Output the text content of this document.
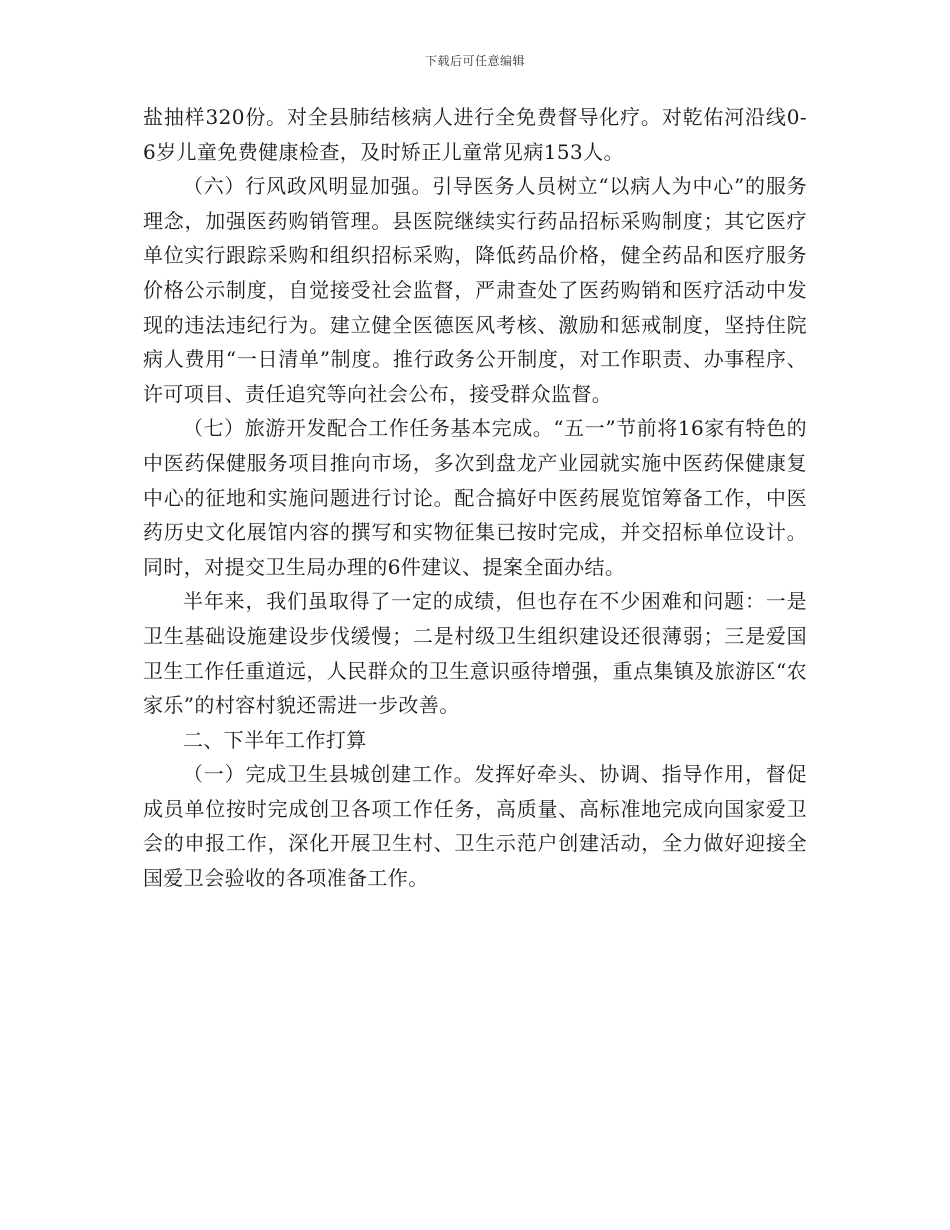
下载后可任意编辑

盐抽样320份。对全县肺结核病人进行全免费督导化疗。对乾佑河沿线0-6岁儿童免费健康检查，及时矫正儿童常见病153人。

（六）行风政风明显加强。引导医务人员树立“以病人为中心”的服务理念，加强医药购销管理。县医院继续实行药品招标采购制度；其它医疗单位实行跟踪采购和组织招标采购，降低药品价格，健全药品和医疗服务价格公示制度，自觉接受社会监督，严肃查处了医药购销和医疗活动中发现的违法违纪行为。建立健全医德医风考核、激励和惩戒制度，坚持住院病人费用“一日清单”制度。推行政务公开制度，对工作职责、办事程序、许可项目、责任追究等向社会公布，接受群众监督。

（七）旅游开发配合工作任务基本完成。“五一”节前将16家有特色的中医药保健服务项目推向市场，多次到盘龙产业园就实施中医药保健康复中心的征地和实施问题进行讨论。配合搞好中医药展览馆筹备工作，中医药历史文化展馆内容的撰写和实物征集已按时完成，并交招标单位设计。同时，对提交卫生局办理的6件建议、提案全面办结。

半年来，我们虽取得了一定的成绩，但也存在不少困难和问题：一是卫生基础设施建设步伐缓慢；二是村级卫生组织建设还很薄弱；三是爱国卫生工作任重道远，人民群众的卫生意识亟待增强，重点集镇及旅游区“农家乐”的村容村貌还需进一步改善。

二、下半年工作打算

（一）完成卫生县城创建工作。发挥好牵头、协调、指导作用，督促成员单位按时完成创卫各项工作任务，高质量、高标准地完成向国家爱卫会的申报工作，深化开展卫生村、卫生示范户创建活动，全力做好迎接全国爱卫会验收的各项准备工作。
